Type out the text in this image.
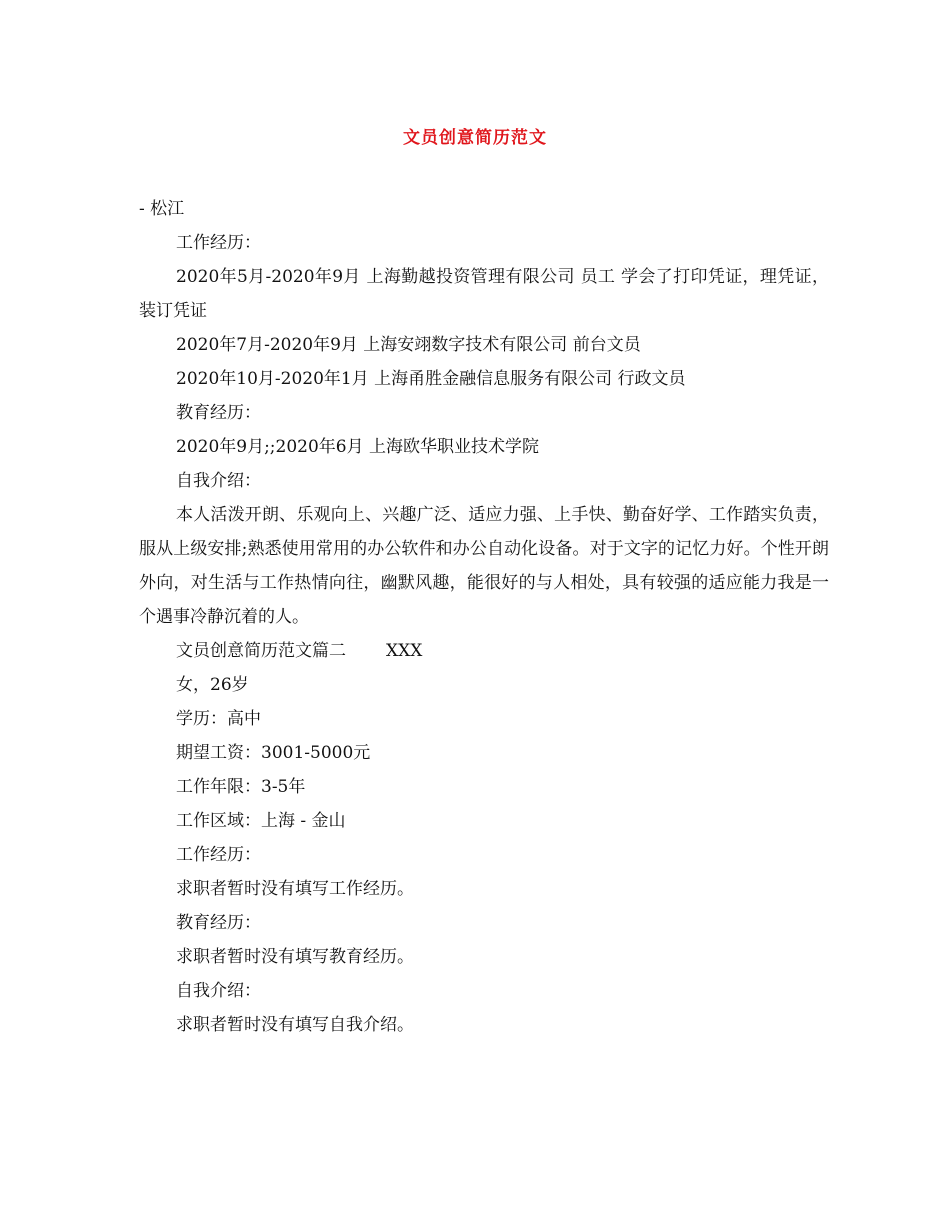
文员创意简历范文
- 松江
工作经历：

2020年5月-2020年9月 上海勤越投资管理有限公司 员工 学会了打印凭证，理凭证，装订凭证

2020年7月-2020年9月 上海安翊数字技术有限公司 前台文员
2020年10月-2020年1月 上海甬胜金融信息服务有限公司 行政文员
教育经历：
2020年9月;;2020年6月 上海欧华职业技术学院
自我介绍：

本人活泼开朗、乐观向上、兴趣广泛、适应力强、上手快、勤奋好学、工作踏实负责，服从上级安排;熟悉使用常用的办公软件和办公自动化设备。对于文字的记忆力好。个性开朗外向，对生活与工作热情向往，幽默风趣，能很好的与人相处，具有较强的适应能力我是一个遇事冷静沉着的人。

文员创意简历范文篇二 XXX
女，26岁
学历：高中
期望工资：3001-5000元
工作年限：3-5年
工作区域：上海 - 金山
工作经历：
求职者暂时没有填写工作经历。
教育经历：
求职者暂时没有填写教育经历。
自我介绍：
求职者暂时没有填写自我介绍。
